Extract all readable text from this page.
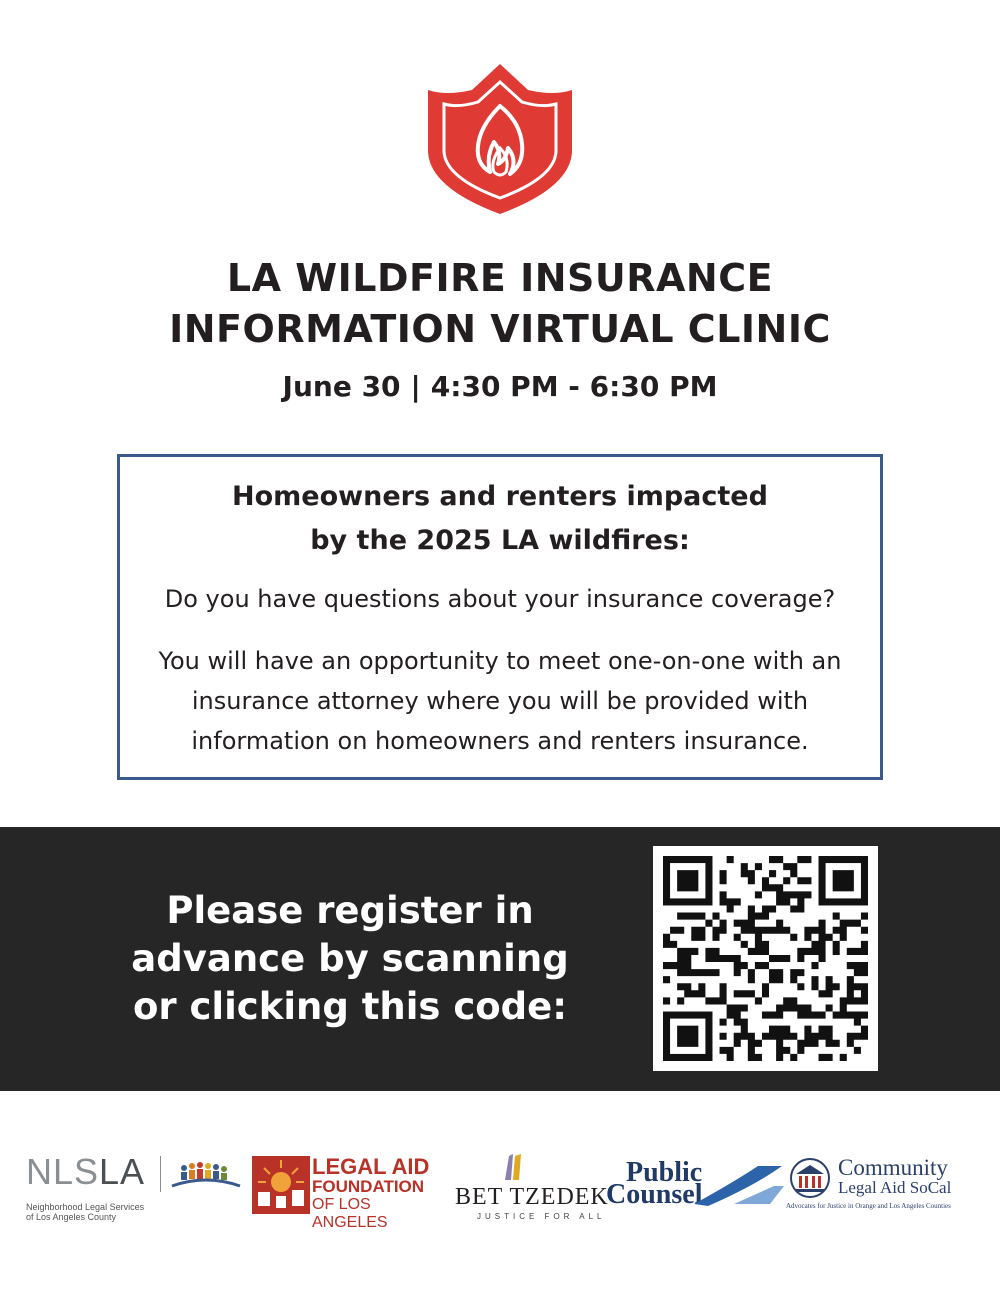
LA WILDFIRE INSURANCE
INFORMATION VIRTUAL CLINIC
June 30 | 4:30 PM - 6:30 PM
Homeowners and renters impacted
by the 2025 LA wildfires:
Do you have questions about your insurance coverage?
You will have an opportunity to meet one-on-one with an insurance attorney where you will be provided with information on homeowners and renters insurance.
Please register in
advance by scanning
or clicking this code:
NLSLA
Neighborhood Legal Services
of Los Angeles County
LEGAL AID
FOUNDATION
OF LOS ANGELES
BET TZEDEK
JUSTICE FOR ALL
Public
Counsel
Community
Legal Aid SoCal
Advocates for Justice in Orange and Los Angeles Counties
